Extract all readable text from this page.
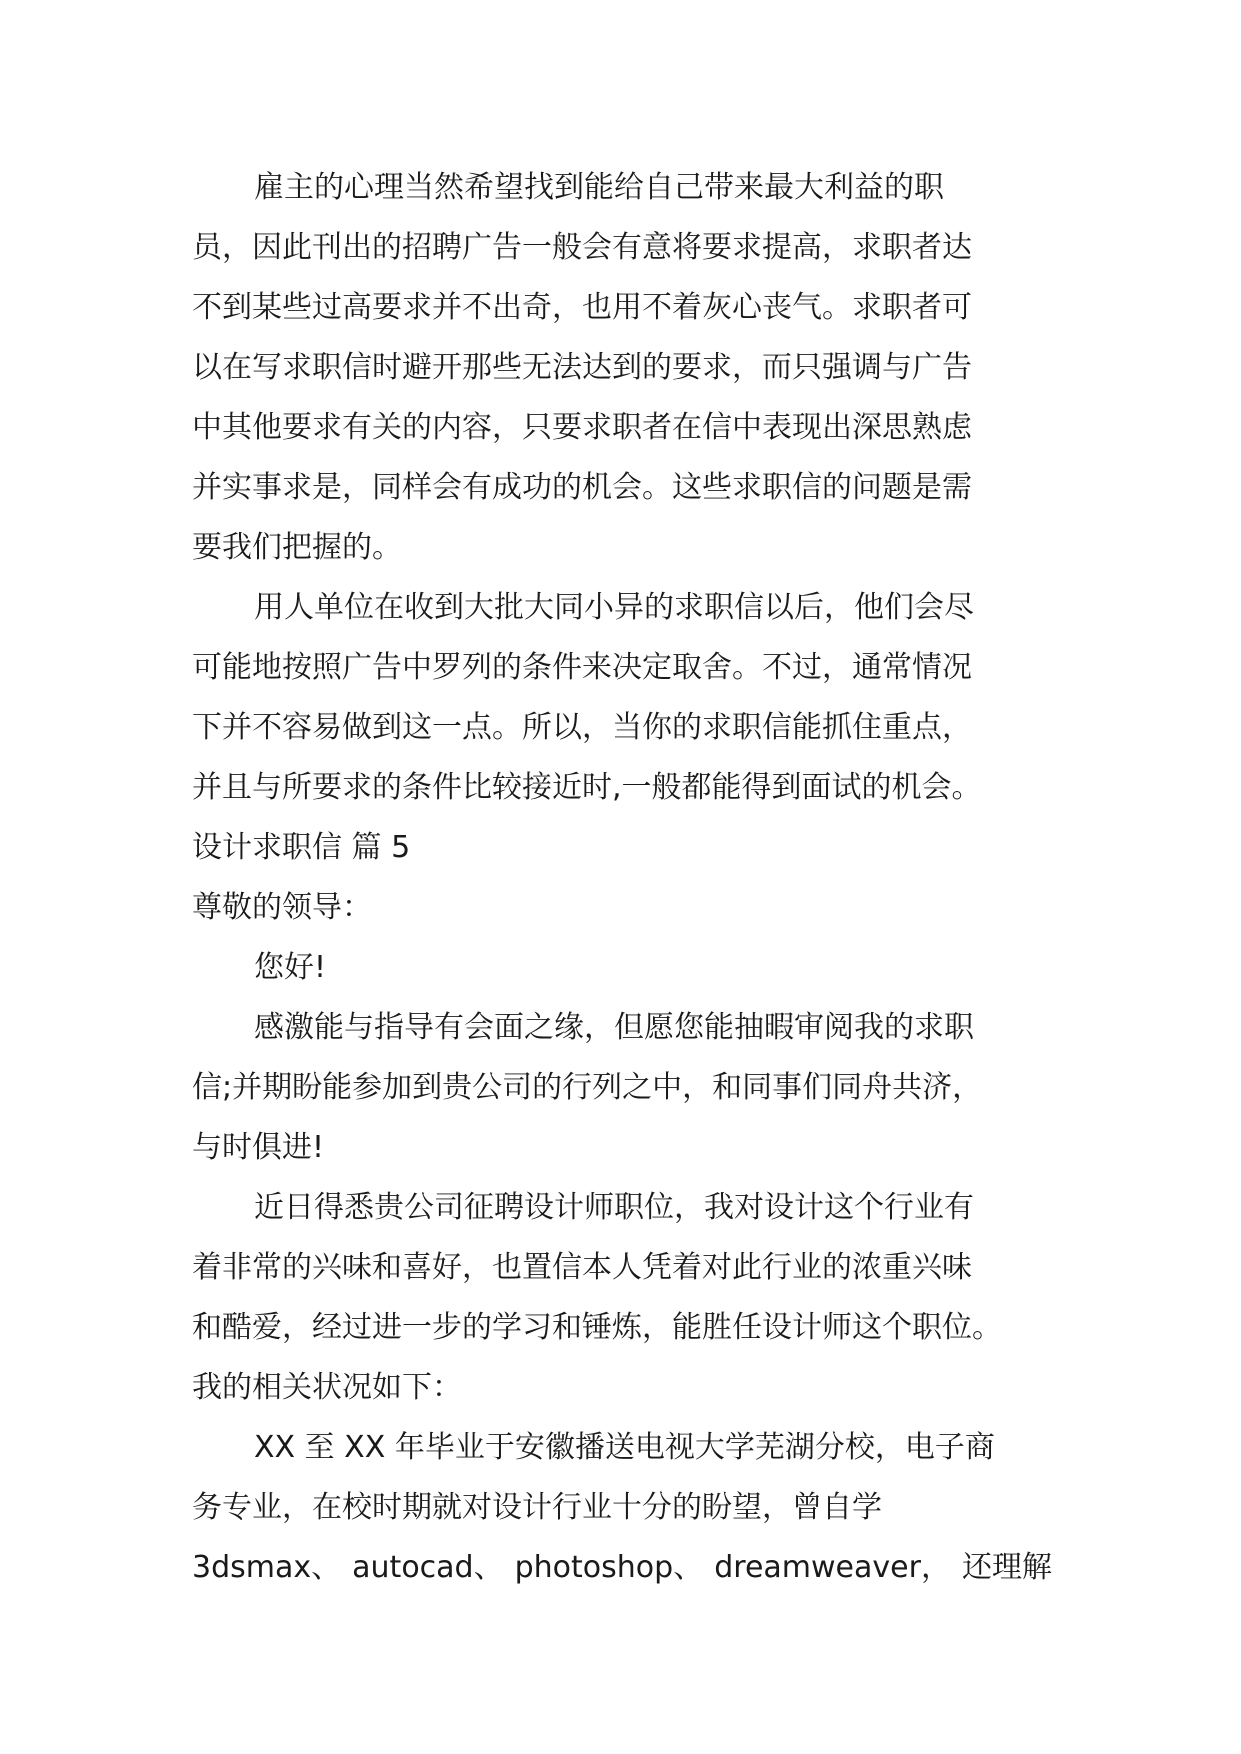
雇主的心理当然希望找到能给自己带来最大利益的职
员，因此刊出的招聘广告一般会有意将要求提高，求职者达
不到某些过高要求并不出奇，也用不着灰心丧气。求职者可
以在写求职信时避开那些无法达到的要求，而只强调与广告
中其他要求有关的内容，只要求职者在信中表现出深思熟虑
并实事求是，同样会有成功的机会。这些求职信的问题是需
要我们把握的。
用人单位在收到大批大同小异的求职信以后，他们会尽
可能地按照广告中罗列的条件来决定取舍。不过，通常情况
下并不容易做到这一点。所以，当你的求职信能抓住重点，
并且与所要求的条件比较接近时,一般都能得到面试的机会。
设计求职信 篇 5
尊敬的领导：
您好!
感激能与指导有会面之缘，但愿您能抽暇审阅我的求职
信;并期盼能参加到贵公司的行列之中，和同事们同舟共济，
与时俱进!
近日得悉贵公司征聘设计师职位，我对设计这个行业有
着非常的兴味和喜好，也置信本人凭着对此行业的浓重兴味
和酷爱，经过进一步的学习和锤炼，能胜任设计师这个职位。
我的相关状况如下：
XX 至 XX 年毕业于安徽播送电视大学芜湖分校，电子商
务专业，在校时期就对设计行业十分的盼望，曾自学
3dsmax、 autocad、 photoshop、 dreamweaver， 还理解
